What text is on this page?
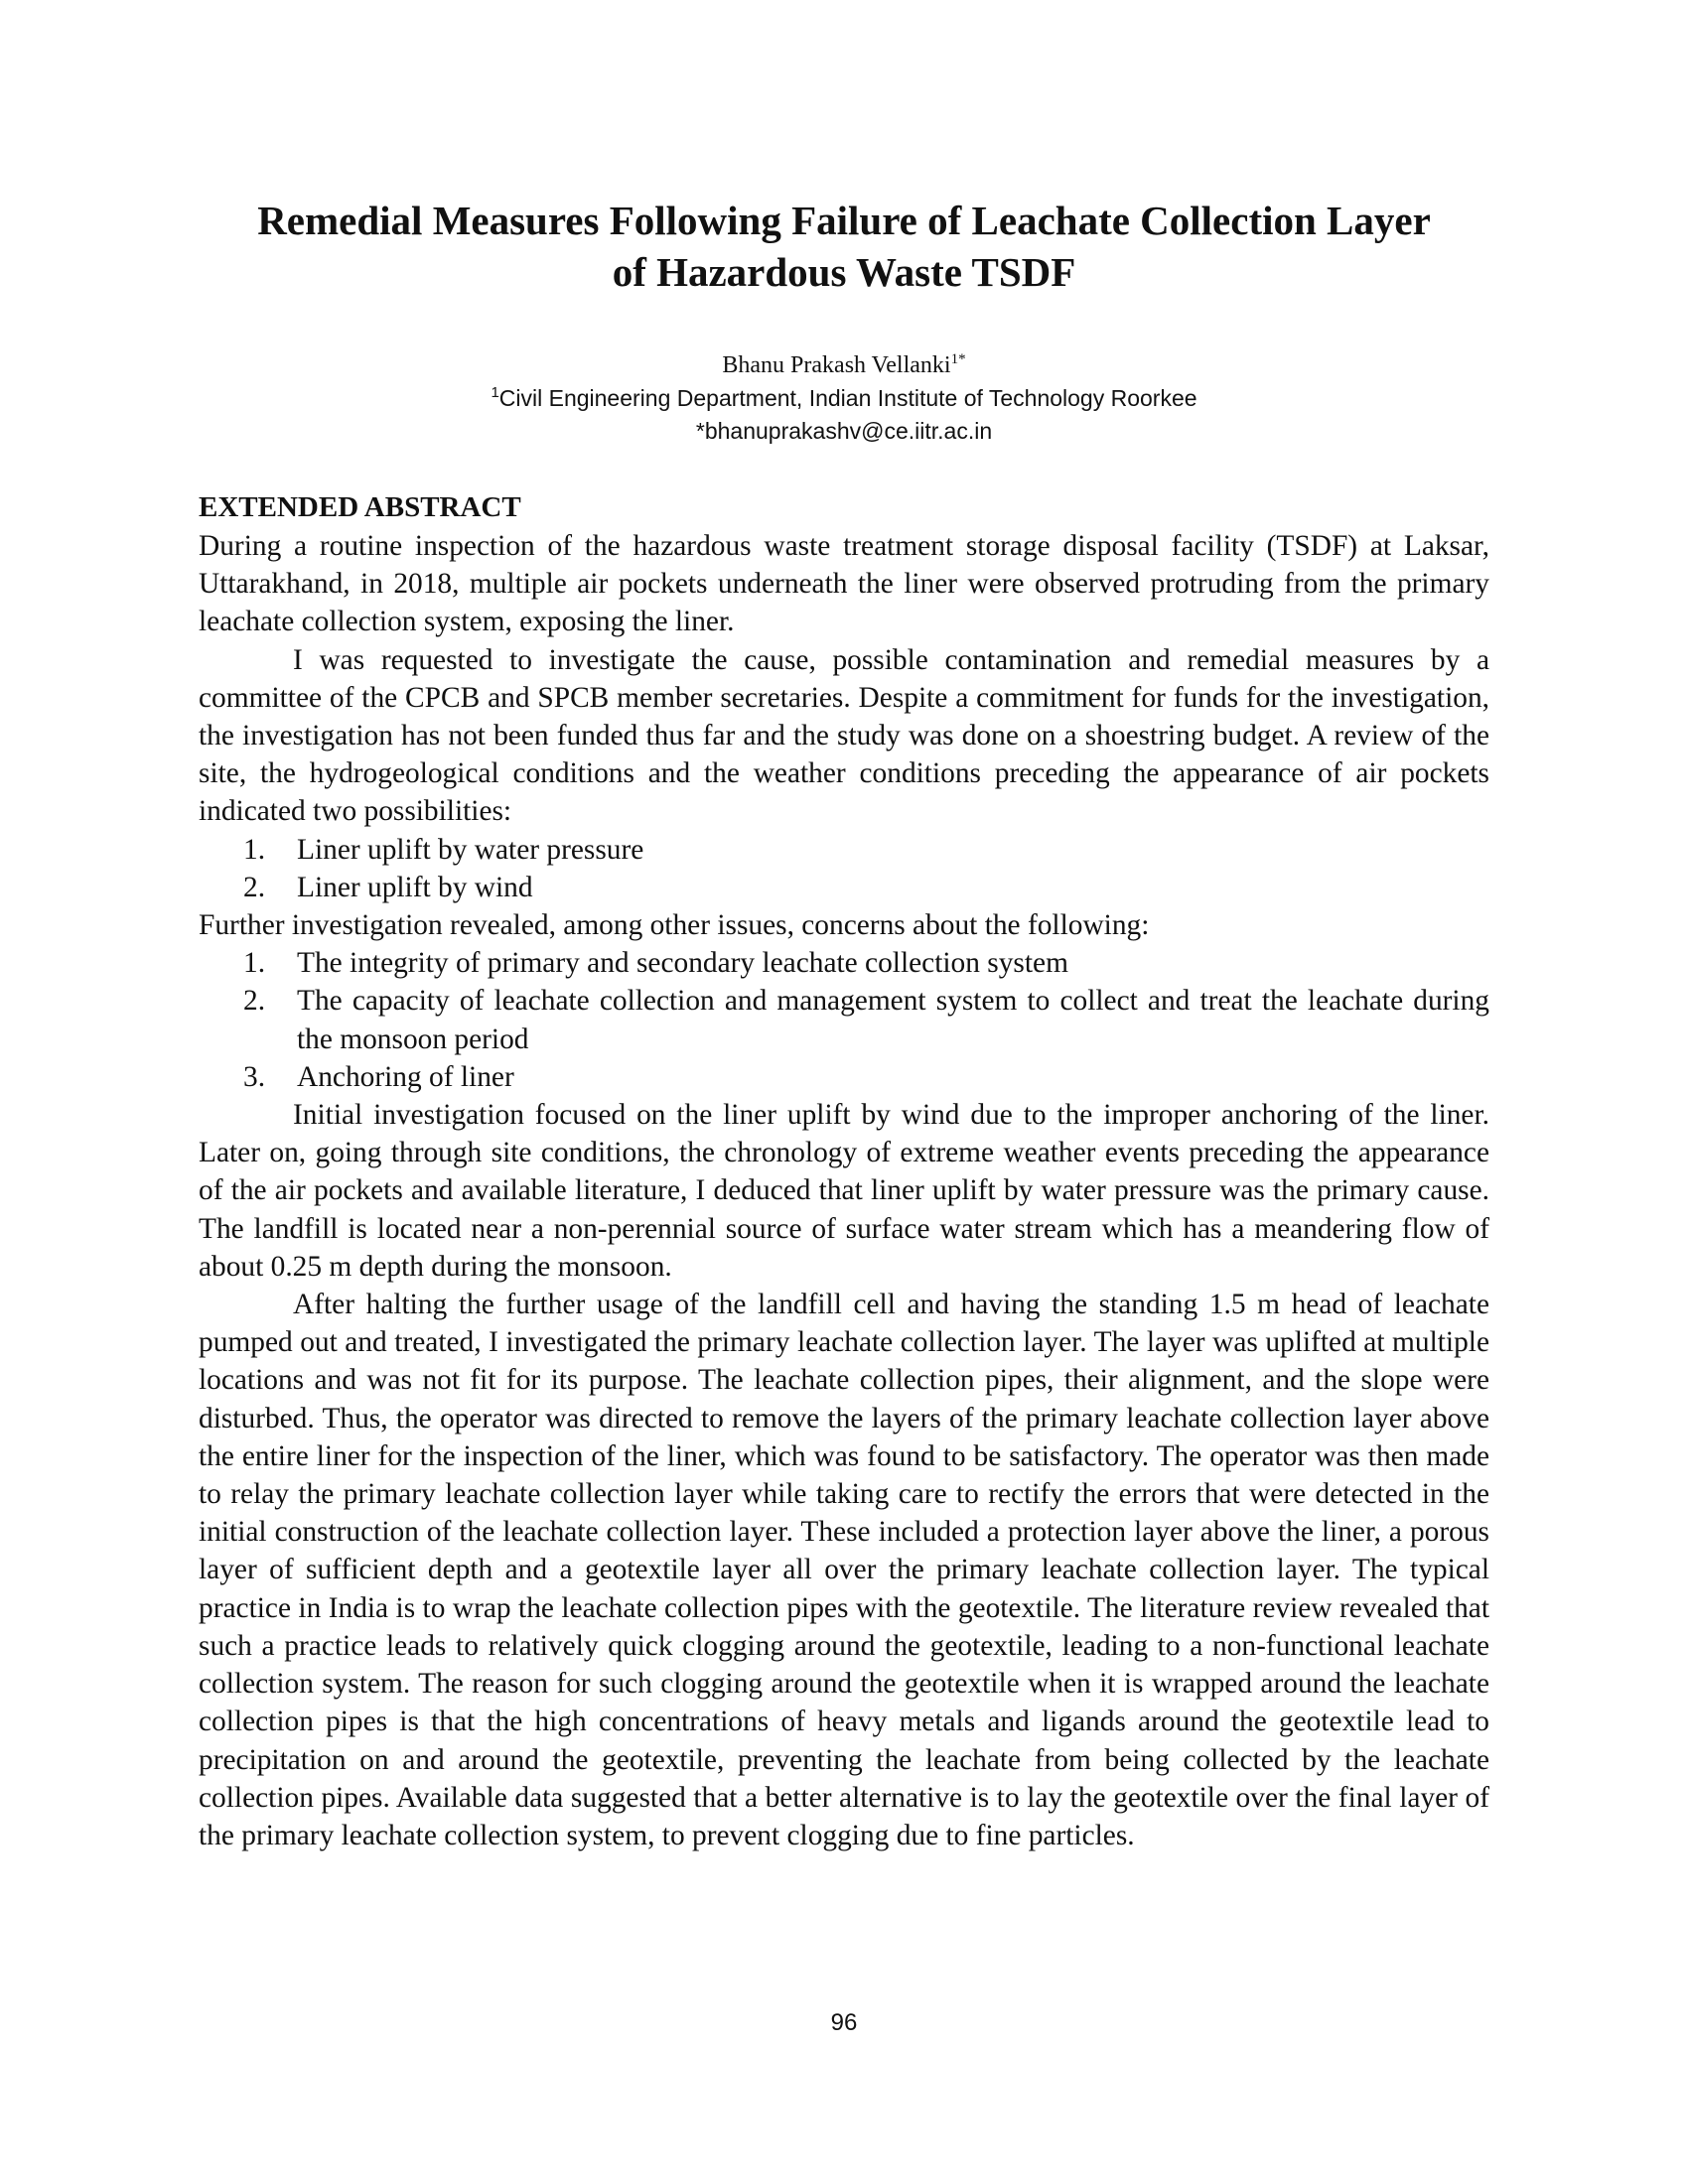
Remedial Measures Following Failure of Leachate Collection Layer
of Hazardous Waste TSDF
Bhanu Prakash Vellanki$^{1*}$
$^1$Civil Engineering Department, Indian Institute of Technology Roorkee
*bhanuprakashv@ce.iitr.ac.in
EXTENDED ABSTRACT

During a routine inspection of the hazardous waste treatment storage disposal facility (TSDF) at Laksar, Uttarakhand, in 2018, multiple air pockets underneath the liner were observed protruding from the primary leachate collection system, exposing the liner.

I was requested to investigate the cause, possible contamination and remedial measures by a committee of the CPCB and SPCB member secretaries. Despite a commitment for funds for the investigation, the investigation has not been funded thus far and the study was done on a shoestring budget. A review of the site, the hydrogeological conditions and the weather conditions preceding the appearance of air pockets indicated two possibilities:

1. Liner uplift by water pressure
2. Liner uplift by wind

Further investigation revealed, among other issues, concerns about the following:

1. The integrity of primary and secondary leachate collection system
2. The capacity of leachate collection and management system to collect and treat the leachate during the monsoon period
3. Anchoring of liner

Initial investigation focused on the liner uplift by wind due to the improper anchoring of the liner. Later on, going through site conditions, the chronology of extreme weather events preceding the appearance of the air pockets and available literature, I deduced that liner uplift by water pressure was the primary cause. The landfill is located near a non-perennial source of surface water stream which has a meandering flow of about 0.25 m depth during the monsoon.

After halting the further usage of the landfill cell and having the standing 1.5 m head of leachate pumped out and treated, I investigated the primary leachate collection layer. The layer was uplifted at multiple locations and was not fit for its purpose. The leachate collection pipes, their alignment, and the slope were disturbed. Thus, the operator was directed to remove the layers of the primary leachate collection layer above the entire liner for the inspection of the liner, which was found to be satisfactory. The operator was then made to relay the primary leachate collection layer while taking care to rectify the errors that were detected in the initial construction of the leachate collection layer. These included a protection layer above the liner, a porous layer of sufficient depth and a geotextile layer all over the primary leachate collection layer. The typical practice in India is to wrap the leachate collection pipes with the geotextile. The literature review revealed that such a practice leads to relatively quick clogging around the geotextile, leading to a non-functional leachate collection system. The reason for such clogging around the geotextile when it is wrapped around the leachate collection pipes is that the high concentrations of heavy metals and ligands around the geotextile lead to precipitation on and around the geotextile, preventing the leachate from being collected by the leachate collection pipes. Available data suggested that a better alternative is to lay the geotextile over the final layer of the primary leachate collection system, to prevent clogging due to fine particles.

96
